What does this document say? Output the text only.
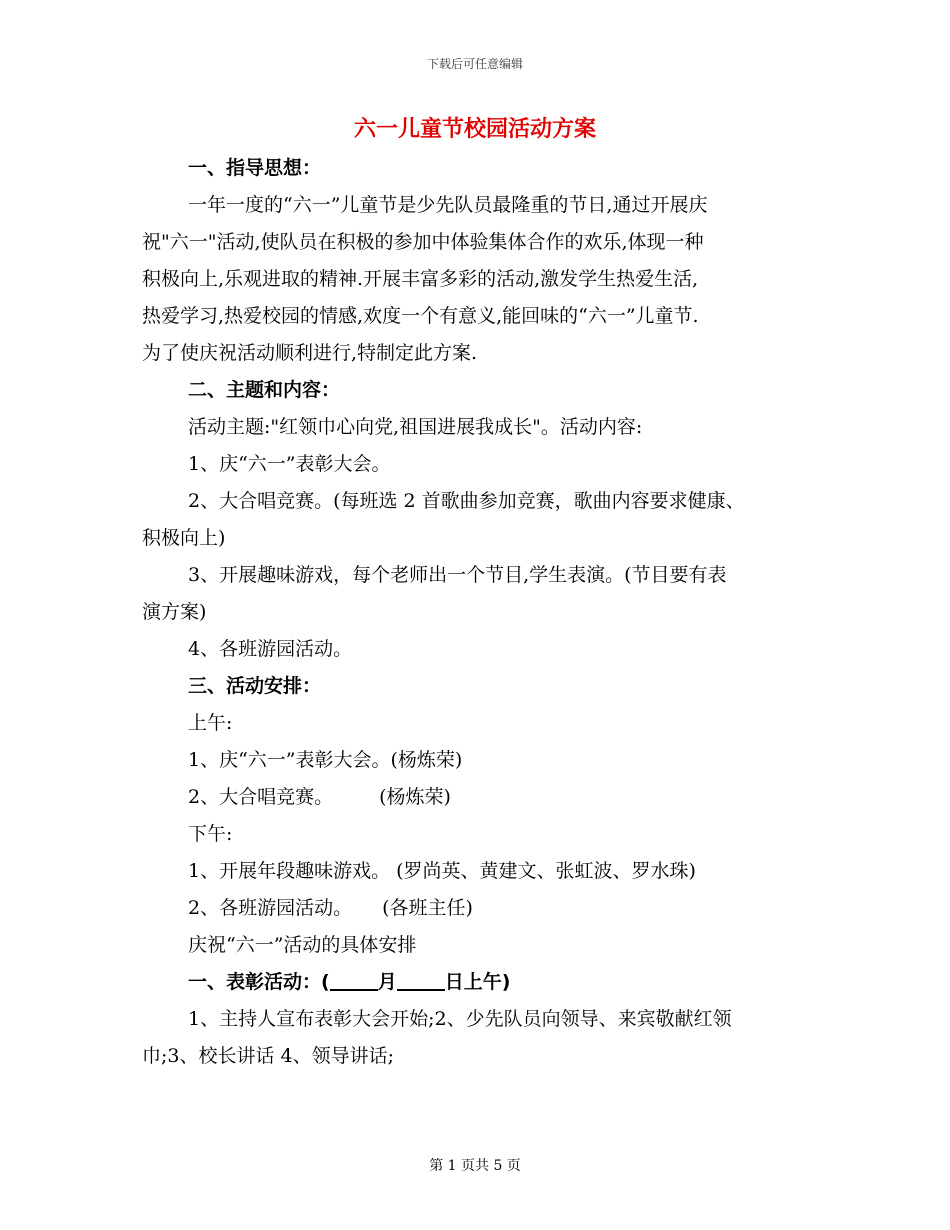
下载后可任意编辑
六一儿童节校园活动方案
一、指导思想：
一年一度的“六一”儿童节是少先队员最隆重的节日,通过开展庆
祝"六一"活动,使队员在积极的参加中体验集体合作的欢乐,体现一种
积极向上,乐观进取的精神.开展丰富多彩的活动,激发学生热爱生活,
热爱学习,热爱校园的情感,欢度一个有意义,能回味的“六一”儿童节.
为了使庆祝活动顺利进行,特制定此方案.
二、主题和内容：
活动主题:"红领巾心向党,祖国进展我成长"。活动内容:
1、庆“六一”表彰大会。
2、大合唱竞赛。(每班选 2 首歌曲参加竞赛，歌曲内容要求健康、
积极向上)
3、开展趣味游戏，每个老师出一个节目,学生表演。(节目要有表
演方案)
4、各班游园活动。
三、活动安排：
上午:
1、庆“六一”表彰大会。(杨炼荣)
2、大合唱竞赛。 (杨炼荣)
下午:
1、开展年段趣味游戏。 (罗尚英、黄建文、张虹波、罗水珠)
2、各班游园活动。 (各班主任)
庆祝“六一”活动的具体安排
一、表彰活动：(	月	日上午)
1、主持人宣布表彰大会开始;2、少先队员向领导、来宾敬献红领
巾;3、校长讲话 4、领导讲话;
第 1 页共 5 页
